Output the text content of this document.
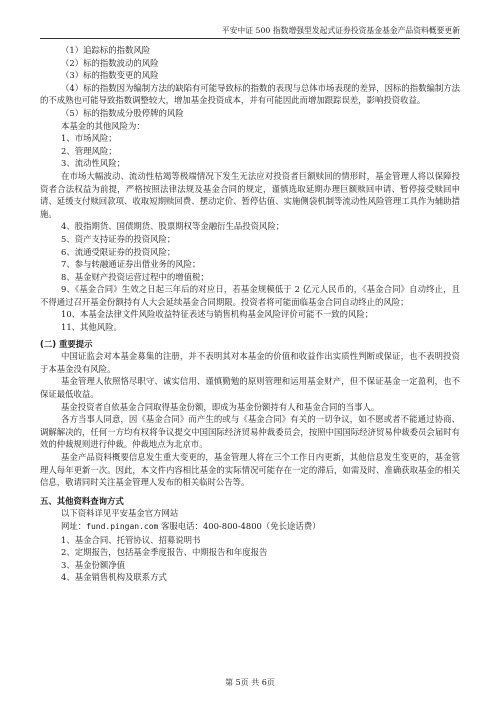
平安中证 500 指数增强型发起式证券投资基金基金产品资料概要更新

（1）追踪标的指数风险

（2）标的指数波动的风险

（3）标的指数变更的风险

（4）标的指数因为编制方法的缺陷有可能导致标的指数的表现与总体市场表现的差异，因标的指数编制方法的不成熟也可能导致指数调整较大，增加基金投资成本，并有可能因此而增加跟踪误差，影响投资收益。

（5）标的指数成分股停牌的风险

本基金的其他风险为：

1、市场风险；

2、管理风险；

3、流动性风险；

在市场大幅波动、流动性枯竭等极端情况下发生无法应对投资者巨额赎回的情形时，基金管理人将以保障投资者合法权益为前提，严格按照法律法规及基金合同的规定，谨慎选取延期办理巨额赎回申请、暂停接受赎回申请、延缓支付赎回款项、收取短期赎回费、摆动定价、暂停估值、实施侧袋机制等流动性风险管理工具作为辅助措施。

4、股指期货、国债期货、股票期权等金融衍生品投资风险；

5、资产支持证券的投资风险；

6、流通受限证券的投资风险；

7、参与转融通证券出借业务的风险；

8、基金财产投资运营过程中的增值税；

9、《基金合同》生效之日起三年后的对应日，若基金规模低于 2 亿元人民币的，《基金合同》自动终止，且不得通过召开基金份额持有人大会延续基金合同期限。投资者将可能面临基金合同自动终止的风险；

10、本基金法律文件风险收益特征表述与销售机构基金风险评价可能不一致的风险；

11、其他风险。

(二) 重要提示

中国证监会对本基金募集的注册，并不表明其对本基金的价值和收益作出实质性判断或保证，也不表明投资于本基金没有风险。

基金管理人依照恪尽职守、诚实信用、谨慎勤勉的原则管理和运用基金财产，但不保证基金一定盈利，也不保证最低收益。

基金投资者自依基金合同取得基金份额，即成为基金份额持有人和基金合同的当事人。

各方当事人同意，因《基金合同》而产生的或与《基金合同》有关的一切争议，如不愿或者不能通过协商、调解解决的，任何一方均有权将争议提交中国国际经济贸易仲裁委员会，按照中国国际经济贸易仲裁委员会届时有效的仲裁规则进行仲裁。仲裁地点为北京市。

基金产品资料概要信息发生重大变更的，基金管理人将在三个工作日内更新，其他信息发生变更的，基金管理人每年更新一次。因此，本文件内容相比基金的实际情况可能存在一定的滞后，如需及时、准确获取基金的相关信息，敬请同时关注基金管理人发布的相关临时公告等。

五、其他资料查询方式

以下资料详见平安基金官方网站

网址：fund.pingan.com 客服电话：400-800-4800（免长途话费）

1、基金合同、托管协议、招募说明书

2、定期报告，包括基金季度报告、中期报告和年度报告

3、基金份额净值

4、基金销售机构及联系方式

第 5页 共 6页
